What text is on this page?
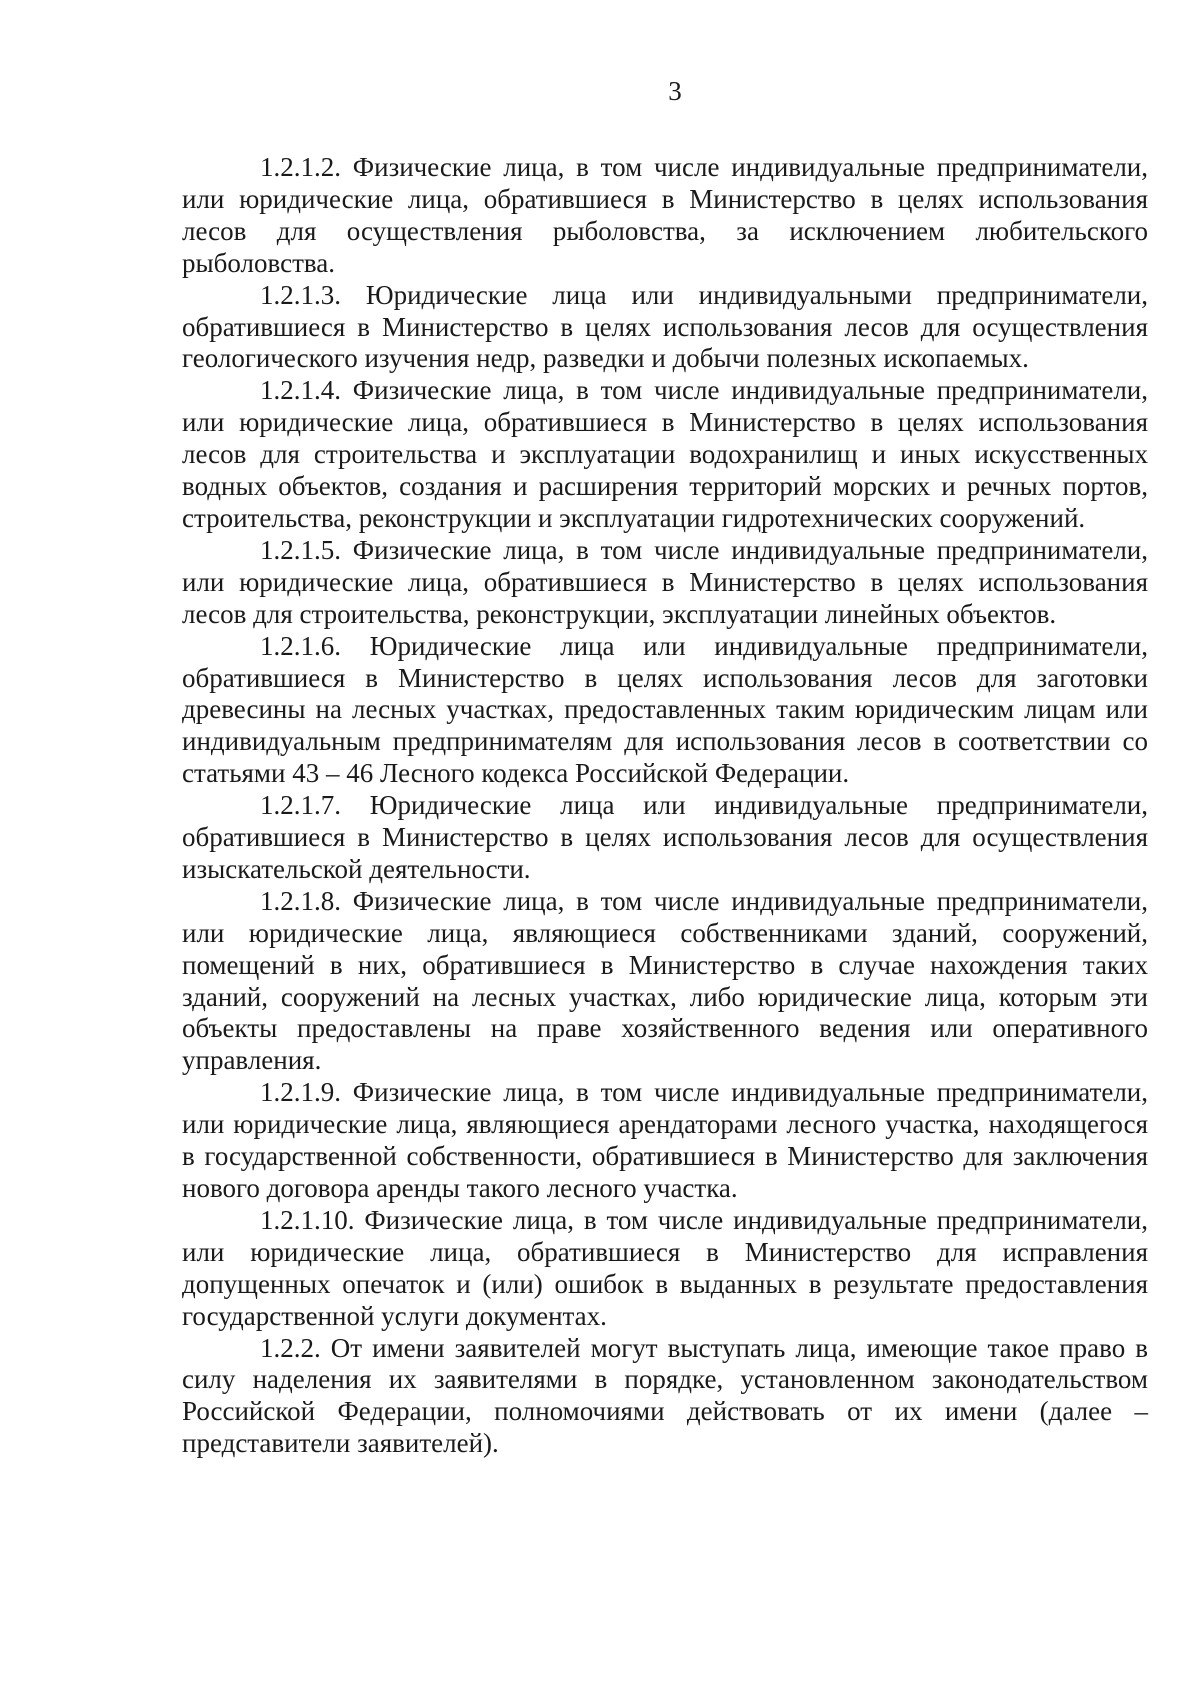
3

1.2.1.2. Физические лица, в том числе индивидуальные предприниматели, или юридические лица, обратившиеся в Министерство в целях использования лесов для осуществления рыболовства, за исключением любительского рыболовства.

1.2.1.3. Юридические лица или индивидуальными предприниматели, обратившиеся в Министерство в целях использования лесов для осуществления геологического изучения недр, разведки и добычи полезных ископаемых.

1.2.1.4. Физические лица, в том числе индивидуальные предприниматели, или юридические лица, обратившиеся в Министерство в целях использования лесов для строительства и эксплуатации водохранилищ и иных искусственных водных объектов, создания и расширения территорий морских и речных портов, строительства, реконструкции и эксплуатации гидротехнических сооружений.

1.2.1.5. Физические лица, в том числе индивидуальные предприниматели, или юридические лица, обратившиеся в Министерство в целях использования лесов для строительства, реконструкции, эксплуатации линейных объектов.

1.2.1.6. Юридические лица или индивидуальные предприниматели, обратившиеся в Министерство в целях использования лесов для заготовки древесины на лесных участках, предоставленных таким юридическим лицам или индивидуальным предпринимателям для использования лесов в соответствии со статьями 43 – 46 Лесного кодекса Российской Федерации.

1.2.1.7. Юридические лица или индивидуальные предприниматели, обратившиеся в Министерство в целях использования лесов для осуществления изыскательской деятельности.

1.2.1.8. Физические лица, в том числе индивидуальные предприниматели, или юридические лица, являющиеся собственниками зданий, сооружений, помещений в них, обратившиеся в Министерство в случае нахождения таких зданий, сооружений на лесных участках, либо юридические лица, которым эти объекты предоставлены на праве хозяйственного ведения или оперативного управления.

1.2.1.9. Физические лица, в том числе индивидуальные предприниматели, или юридические лица, являющиеся арендаторами лесного участка, находящегося в государственной собственности, обратившиеся в Министерство для заключения нового договора аренды такого лесного участка.

1.2.1.10. Физические лица, в том числе индивидуальные предприниматели, или юридические лица, обратившиеся в Министерство для исправления допущенных опечаток и (или) ошибок в выданных в результате предоставления государственной услуги документах.

1.2.2. От имени заявителей могут выступать лица, имеющие такое право в силу наделения их заявителями в порядке, установленном законодательством Российской Федерации, полномочиями действовать от их имени (далее – представители заявителей).
